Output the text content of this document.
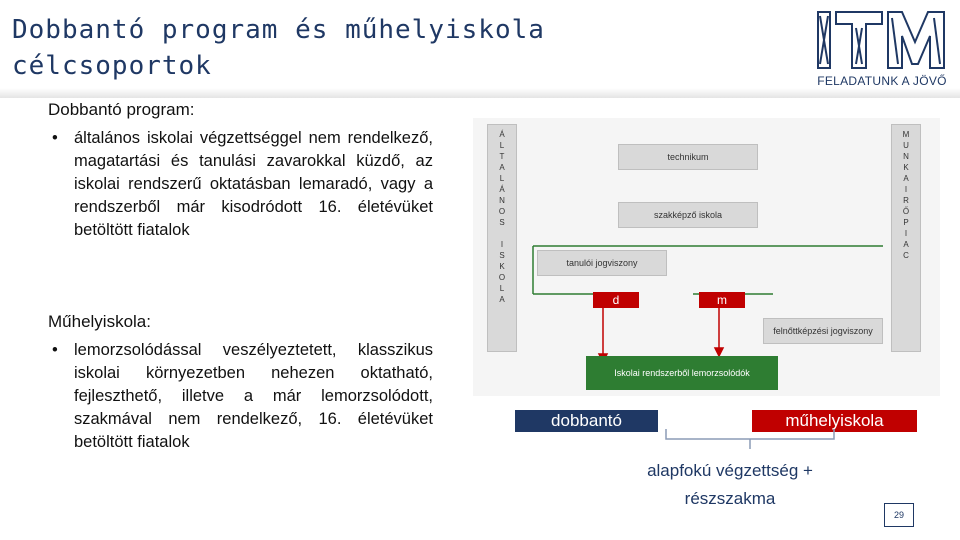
Dobbantó program és műhelyiskola
célcsoportok	FELADATUNK A JÖVŐ
Dobbantó program:
• általános iskolai végzettséggel nem rendelkező, magatartási és tanulási zavarokkal küzdő, az iskolai rendszerű oktatásban lemaradó, vagy a rendszerből már kisodródott 16. életévüket betöltött fiatalok
Műhelyiskola:
• lemorzsolódással veszélyeztetett, klasszikus iskolai környezetben nehezen oktatható, fejleszthető, illetve a már lemorzsolódott, szakmával nem rendelkező, 16. életévüket betöltött fiatalok
Á
L
T
A
L
Á
N
O
S

I
S
K
O
L
A
M
U
N
K
A
I
R
Ő
P
I
A
C
technikum
szakképző iskola
tanulói jogviszony
d	m
felnőttképzési jogviszony
Iskolai rendszerből lemorzsolódók
dobbantó	műhelyiskola
alapfokú végzettség +
részszakma
29
